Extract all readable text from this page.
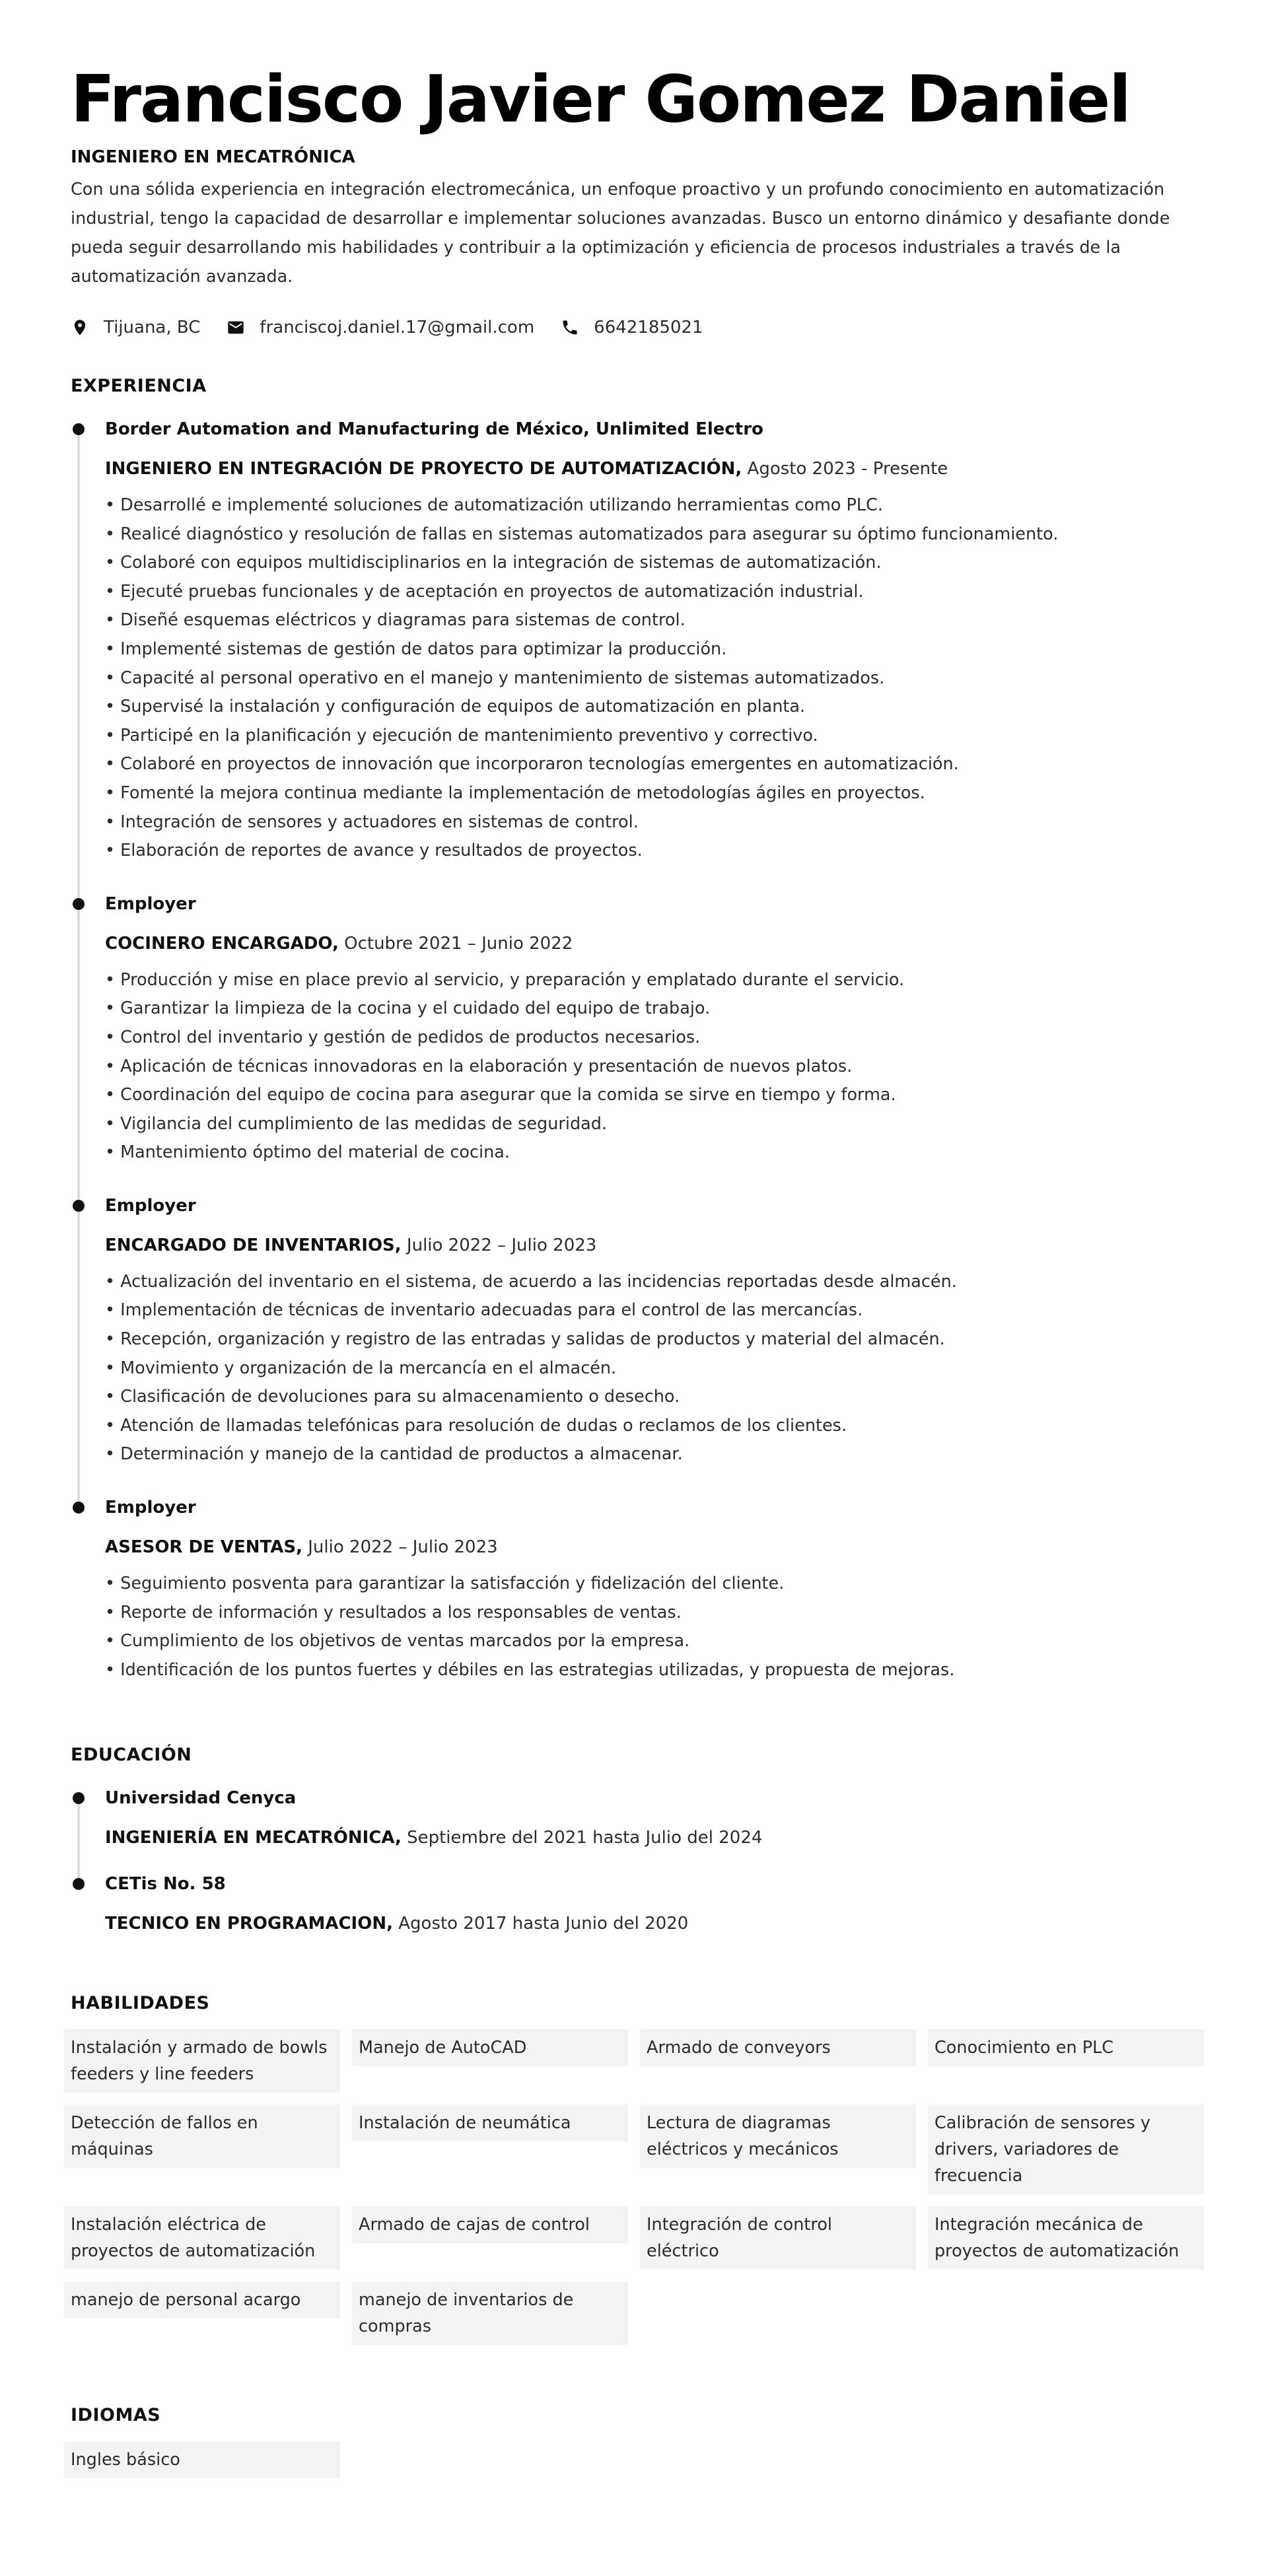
Francisco Javier Gomez Daniel
INGENIERO EN MECATRÓNICA

Con una sólida experiencia en integración electromecánica, un enfoque proactivo y un profundo conocimiento en automatización industrial, tengo la capacidad de desarrollar e implementar soluciones avanzadas. Busco un entorno dinámico y desafiante donde pueda seguir desarrollando mis habilidades y contribuir a la optimización y eficiencia de procesos industriales a través de la automatización avanzada.

Tijuana, BC	franciscoj.daniel.17@gmail.com	6642185021
EXPERIENCIA
Border Automation and Manufacturing de México, Unlimited Electro
INGENIERO EN INTEGRACIÓN DE PROYECTO DE AUTOMATIZACIÓN, Agosto 2023 - Presente
• Desarrollé e implementé soluciones de automatización utilizando herramientas como PLC.
• Realicé diagnóstico y resolución de fallas en sistemas automatizados para asegurar su óptimo funcionamiento.
• Colaboré con equipos multidisciplinarios en la integración de sistemas de automatización.
• Ejecuté pruebas funcionales y de aceptación en proyectos de automatización industrial.
• Diseñé esquemas eléctricos y diagramas para sistemas de control.
• Implementé sistemas de gestión de datos para optimizar la producción.
• Capacité al personal operativo en el manejo y mantenimiento de sistemas automatizados.
• Supervisé la instalación y configuración de equipos de automatización en planta.
• Participé en la planificación y ejecución de mantenimiento preventivo y correctivo.
• Colaboré en proyectos de innovación que incorporaron tecnologías emergentes en automatización.
• Fomenté la mejora continua mediante la implementación de metodologías ágiles en proyectos.
• Integración de sensores y actuadores en sistemas de control.
• Elaboración de reportes de avance y resultados de proyectos.
Employer
COCINERO ENCARGADO, Octubre 2021 – Junio 2022
• Producción y mise en place previo al servicio, y preparación y emplatado durante el servicio.
• Garantizar la limpieza de la cocina y el cuidado del equipo de trabajo.
• Control del inventario y gestión de pedidos de productos necesarios.
• Aplicación de técnicas innovadoras en la elaboración y presentación de nuevos platos.
• Coordinación del equipo de cocina para asegurar que la comida se sirve en tiempo y forma.
• Vigilancia del cumplimiento de las medidas de seguridad.
• Mantenimiento óptimo del material de cocina.
Employer
ENCARGADO DE INVENTARIOS, Julio 2022 – Julio 2023
• Actualización del inventario en el sistema, de acuerdo a las incidencias reportadas desde almacén.
• Implementación de técnicas de inventario adecuadas para el control de las mercancías.
• Recepción, organización y registro de las entradas y salidas de productos y material del almacén.
• Movimiento y organización de la mercancía en el almacén.
• Clasificación de devoluciones para su almacenamiento o desecho.
• Atención de llamadas telefónicas para resolución de dudas o reclamos de los clientes.
• Determinación y manejo de la cantidad de productos a almacenar.
Employer
ASESOR DE VENTAS, Julio 2022 – Julio 2023
• Seguimiento posventa para garantizar la satisfacción y fidelización del cliente.
• Reporte de información y resultados a los responsables de ventas.
• Cumplimiento de los objetivos de ventas marcados por la empresa.
• Identificación de los puntos fuertes y débiles en las estrategias utilizadas, y propuesta de mejoras.
EDUCACIÓN
Universidad Cenyca
INGENIERÍA EN MECATRÓNICA, Septiembre del 2021 hasta Julio del 2024
CETis No. 58
TECNICO EN PROGRAMACION, Agosto 2017 hasta Junio del 2020
HABILIDADES
Instalación y armado de bowls feeders y line feeders
Manejo de AutoCAD	Armado de conveyors	Conocimiento en PLC
Detección de fallos en máquinas
Instalación de neumática	Lectura de diagramas eléctricos y mecánicos
Calibración de sensores y drivers, variadores de frecuencia
Instalación eléctrica de proyectos de automatización
Armado de cajas de control	Integración de control eléctrico
Integración mecánica de proyectos de automatización
manejo de personal acargo	manejo de inventarios de compras
IDIOMAS
Ingles básico
